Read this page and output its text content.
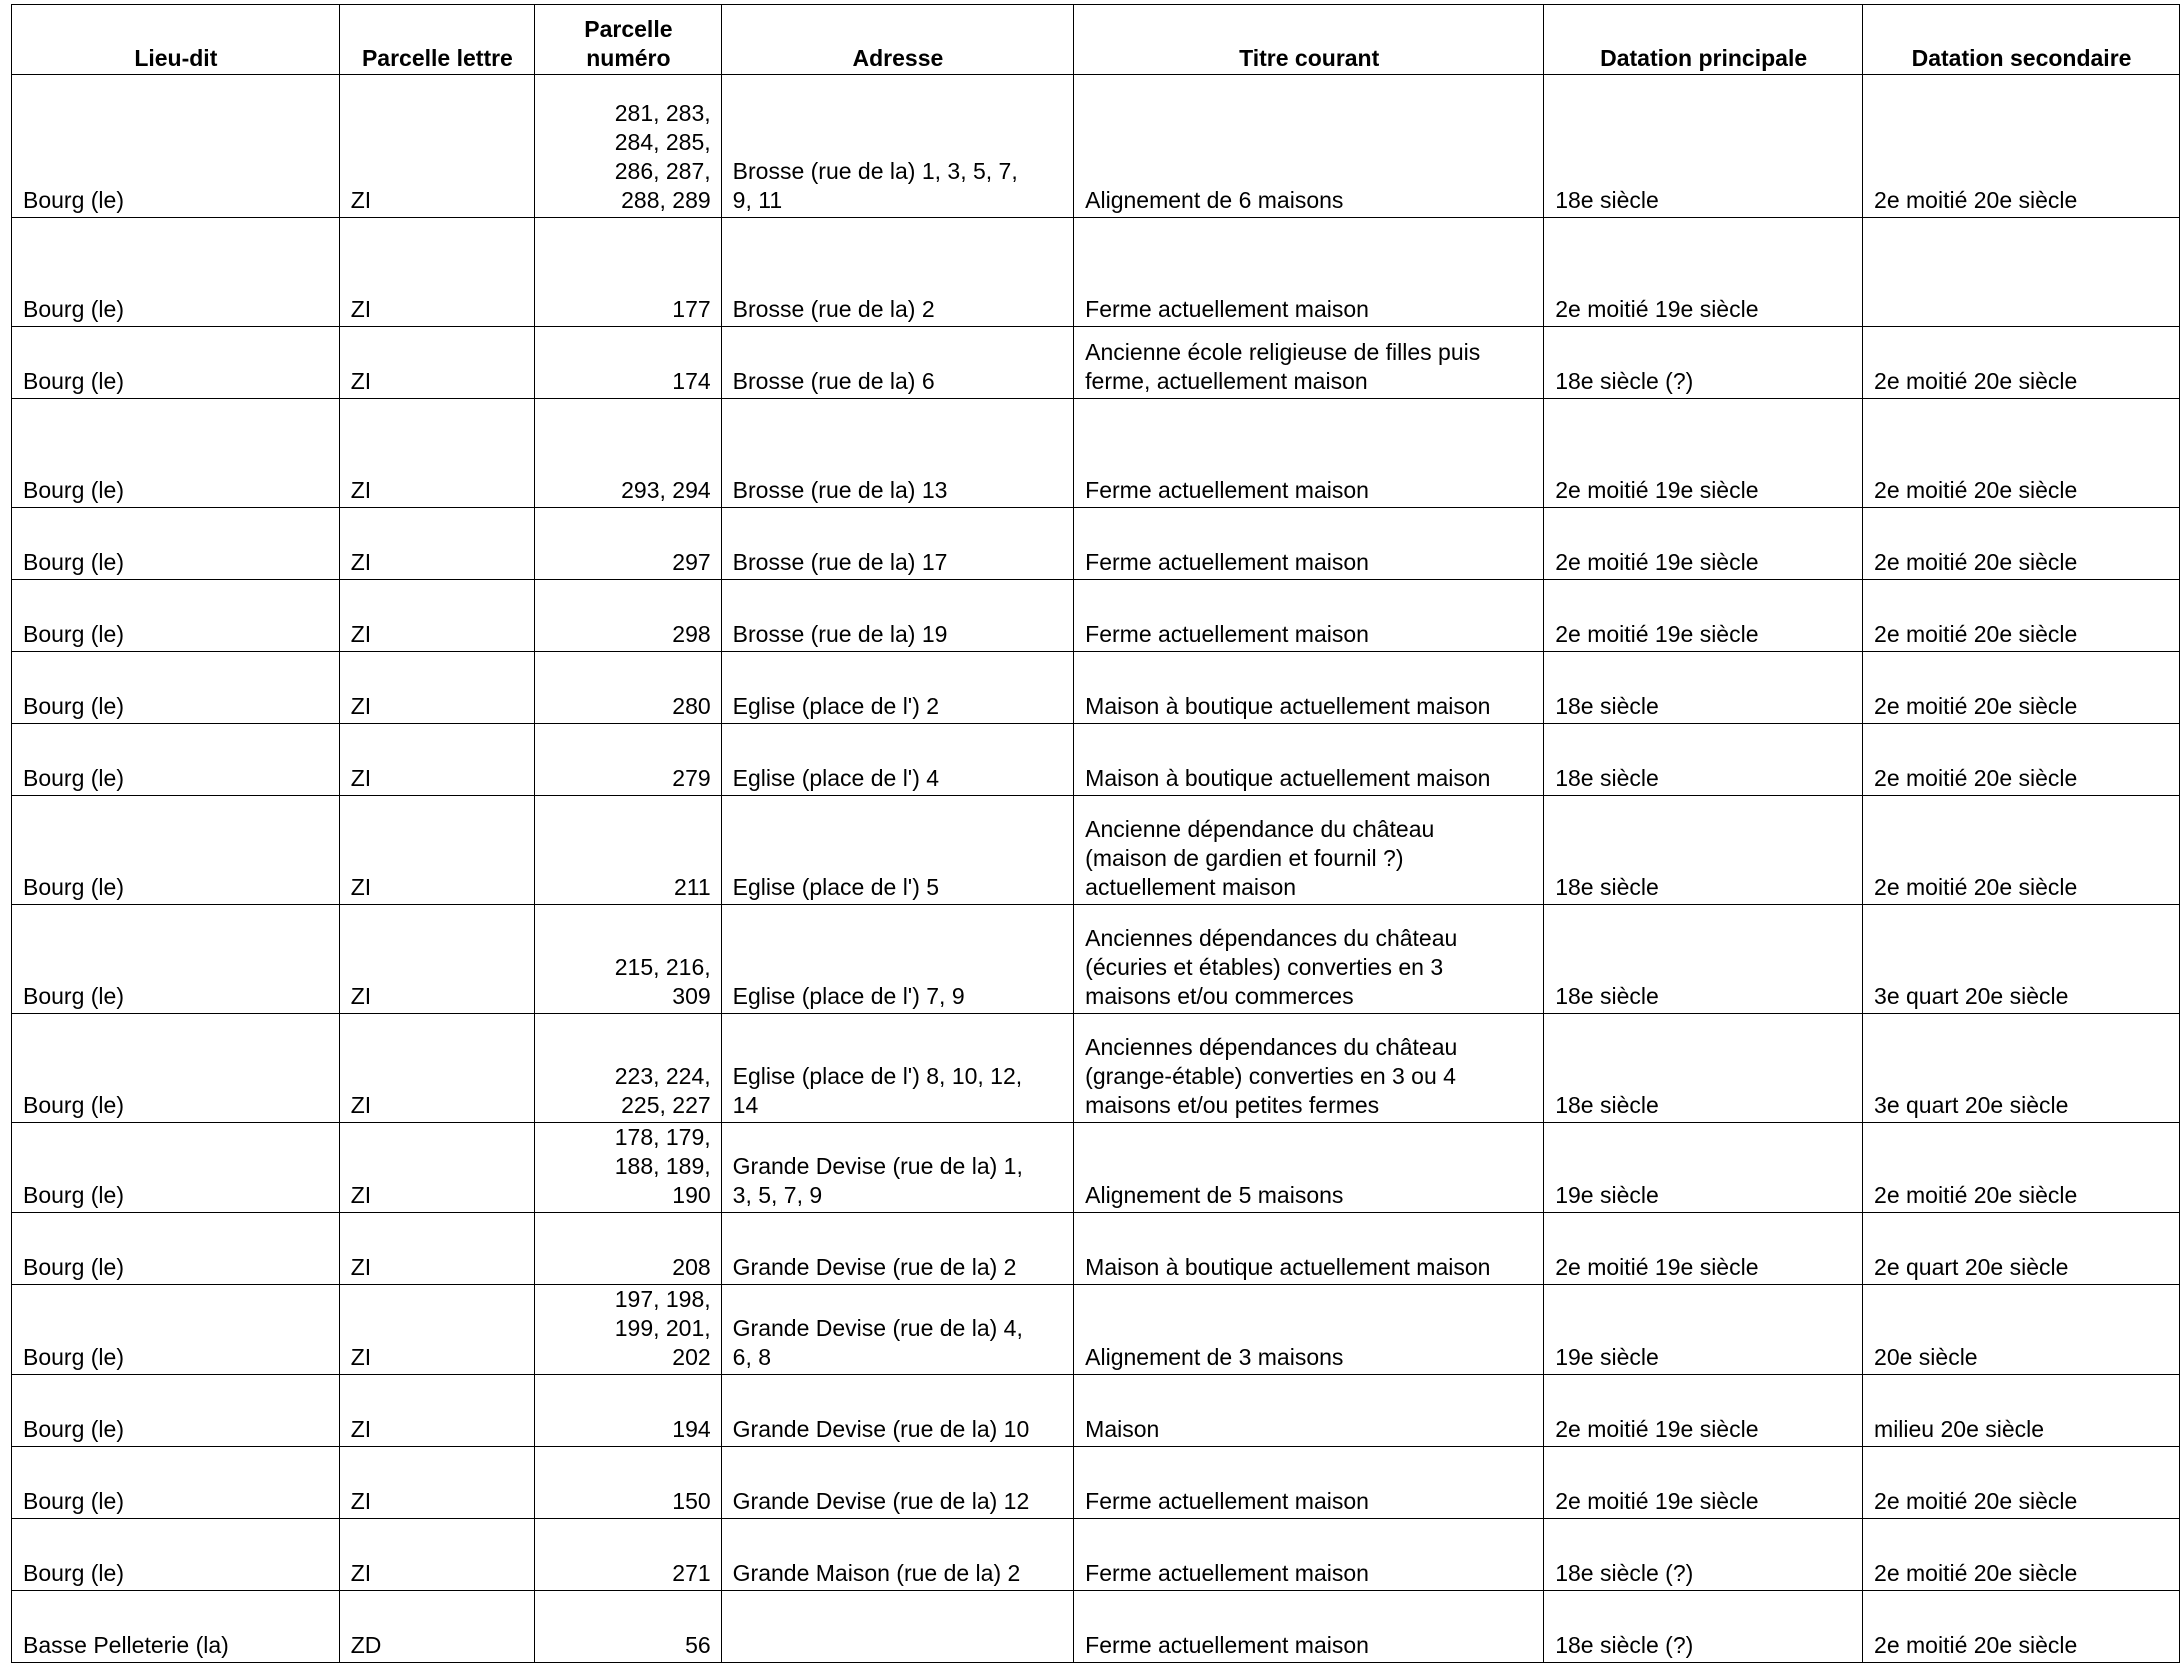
Lieu-dit	Parcelle lettre	Parcelle
numéro	Adresse	Titre courant	Datation principale	Datation secondaire
Bourg (le)	ZI	281, 283,
284, 285,
286, 287,
288, 289	Brosse (rue de la) 1, 3, 5, 7,
9, 11	Alignement de 6 maisons	18e siècle	2e moitié 20e siècle
Bourg (le)	ZI	177	Brosse (rue de la) 2	Ferme actuellement maison	2e moitié 19e siècle	
Bourg (le)	ZI	174	Brosse (rue de la) 6	Ancienne école religieuse de filles puis
ferme, actuellement maison	18e siècle (?)	2e moitié 20e siècle
Bourg (le)	ZI	293, 294	Brosse (rue de la) 13	Ferme actuellement maison	2e moitié 19e siècle	2e moitié 20e siècle
Bourg (le)	ZI	297	Brosse (rue de la) 17	Ferme actuellement maison	2e moitié 19e siècle	2e moitié 20e siècle
Bourg (le)	ZI	298	Brosse (rue de la) 19	Ferme actuellement maison	2e moitié 19e siècle	2e moitié 20e siècle
Bourg (le)	ZI	280	Eglise (place de l') 2	Maison à boutique actuellement maison	18e siècle	2e moitié 20e siècle
Bourg (le)	ZI	279	Eglise (place de l') 4	Maison à boutique actuellement maison	18e siècle	2e moitié 20e siècle
Bourg (le)	ZI	211	Eglise (place de l') 5	Ancienne dépendance du château
(maison de gardien et fournil ?)
actuellement maison	18e siècle	2e moitié 20e siècle
Bourg (le)	ZI	215, 216,
309	Eglise (place de l') 7, 9	Anciennes dépendances du château
(écuries et étables) converties en 3
maisons et/ou commerces	18e siècle	3e quart 20e siècle
Bourg (le)	ZI	223, 224,
225, 227	Eglise (place de l') 8, 10, 12,
14	Anciennes dépendances du château
(grange-étable) converties en 3 ou 4
maisons et/ou petites fermes	18e siècle	3e quart 20e siècle
Bourg (le)	ZI	178, 179,
188, 189,
190	Grande Devise (rue de la) 1,
3, 5, 7, 9	Alignement de 5 maisons	19e siècle	2e moitié 20e siècle
Bourg (le)	ZI	208	Grande Devise (rue de la) 2	Maison à boutique actuellement maison	2e moitié 19e siècle	2e quart 20e siècle
Bourg (le)	ZI	197, 198,
199, 201,
202	Grande Devise (rue de la) 4,
6, 8	Alignement de 3 maisons	19e siècle	20e siècle
Bourg (le)	ZI	194	Grande Devise (rue de la) 10	Maison	2e moitié 19e siècle	milieu 20e siècle
Bourg (le)	ZI	150	Grande Devise (rue de la) 12	Ferme actuellement maison	2e moitié 19e siècle	2e moitié 20e siècle
Bourg (le)	ZI	271	Grande Maison (rue de la) 2	Ferme actuellement maison	18e siècle (?)	2e moitié 20e siècle
Basse Pelleterie (la)	ZD	56		Ferme actuellement maison	18e siècle (?)	2e moitié 20e siècle
